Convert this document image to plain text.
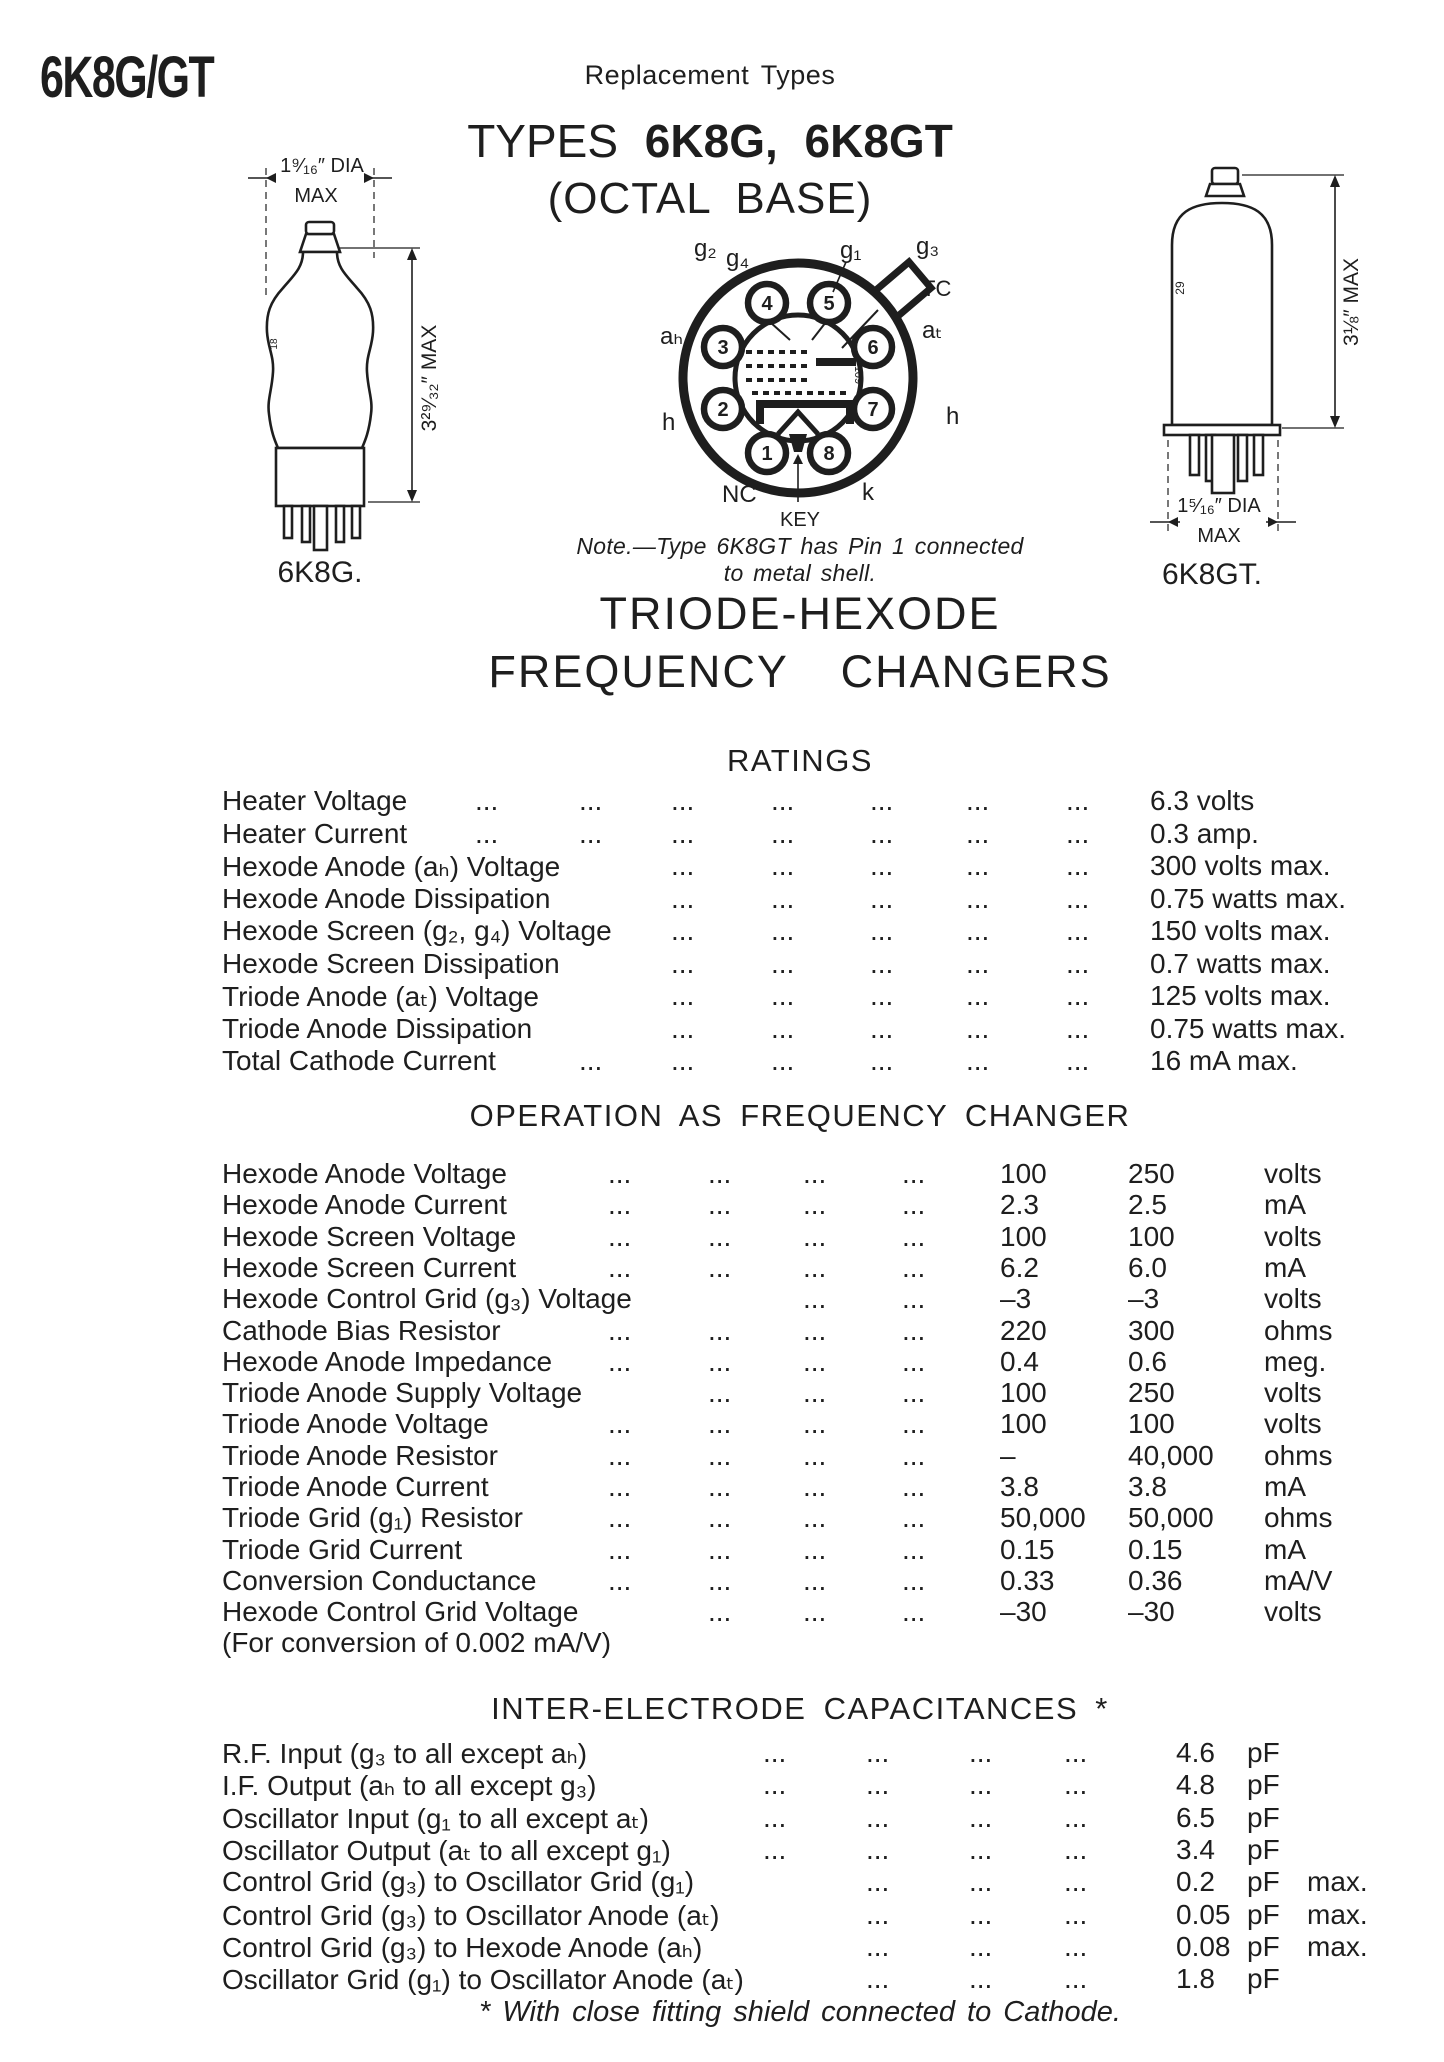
6K8G/GT	Replacement Types
TYPES 6K8G, 6K8GT
(OCTAL BASE)
1⁹⁄₁₆″ DIA
MAX
18	3²⁹⁄₃₂″ MAX
6K8G.
109
1
2
3
4	5
6
7
8
g₂ g₄	g₁ g₃
TC
aₜ
h
k
KEY
NC
h
aₕ
29	3⅛″ MAX
1⁵⁄₁₆″ DIA
MAX
6K8GT.
Note.—Type 6K8GT has Pin 1 connected
to metal shell.
TRIODE-HEXODE
FREQUENCY CHANGERS
RATINGS
OPERATION AS FREQUENCY CHANGER
INTER-ELECTRODE CAPACITANCES *
(For conversion of 0.002 mA/V)
* With close fitting shield connected to Cathode.
Heater Voltage ...	... ...	...	...	...	... 6.3 volts
Heater Current ...	... ...	...	...	...	... 0.3 amp.
Hexode Anode (aₕ) Voltage	...	...	...	...	... 300 volts max.
Hexode Anode Dissipation	...	...	...	...	... 0.75 watts max.
Hexode Screen (g₂, g₄) Voltage ...	...	...	...	... 150 volts max.
Hexode Screen Dissipation	...	...	...	...	... 0.7 watts max.
Triode Anode (aₜ) Voltage	...	...	...	...	... 125 volts max.
Triode Anode Dissipation	...	...	...	...	... 0.75 watts max.
Total Cathode Current	... ...	...	...	...	... 16 mA max.
Hexode Anode Voltage	...	...	...	...	100	250	volts
Hexode Anode Current	...	...	...	...	2.3	2.5	mA
Hexode Screen Voltage	...	...	...	...	100	100	volts
Hexode Screen Current	...	...	...	...	6.2	6.0	mA
Hexode Control Grid (g₃) Voltage	...	...	–3	–3	volts
Cathode Bias Resistor	...	...	...	...	220	300	ohms
Hexode Anode Impedance ...	...	...	...	0.4	0.6	meg.
Triode Anode Supply Voltage	...	...	...	100	250	volts
Triode Anode Voltage	...	...	...	...	100	100	volts
Triode Anode Resistor	...	...	...	...	–	40,000 ohms
Triode Anode Current	...	...	...	...	3.8	3.8	mA
Triode Grid (g₁) Resistor	...	...	...	...	50,000 50,000 ohms
Triode Grid Current	...	...	...	...	0.15	0.15	mA
Conversion Conductance	...	...	...	...	0.33	0.36	mA/V
Hexode Control Grid Voltage	...	...	...	–30	–30	volts
R.F. Input (g₃ to all except aₕ)	...	...	...	...	4.6 pF
I.F. Output (aₕ to all except g₃)	...	...	...	...	4.8 pF
Oscillator Input (g₁ to all except aₜ)	...	...	...	...	6.5 pF
Oscillator Output (aₜ to all except g₁)	...	...	...	...	3.4 pF
Control Grid (g₃) to Oscillator Grid (g₁)	...	...	...	0.2 pF max.
Control Grid (g₃) to Oscillator Anode (aₜ)	...	...	...	0.05 pF max.
Control Grid (g₃) to Hexode Anode (aₕ)	...	...	...	0.08 pF max.
Oscillator Grid (g₁) to Oscillator Anode (aₜ)	...	...	...	1.8 pF
